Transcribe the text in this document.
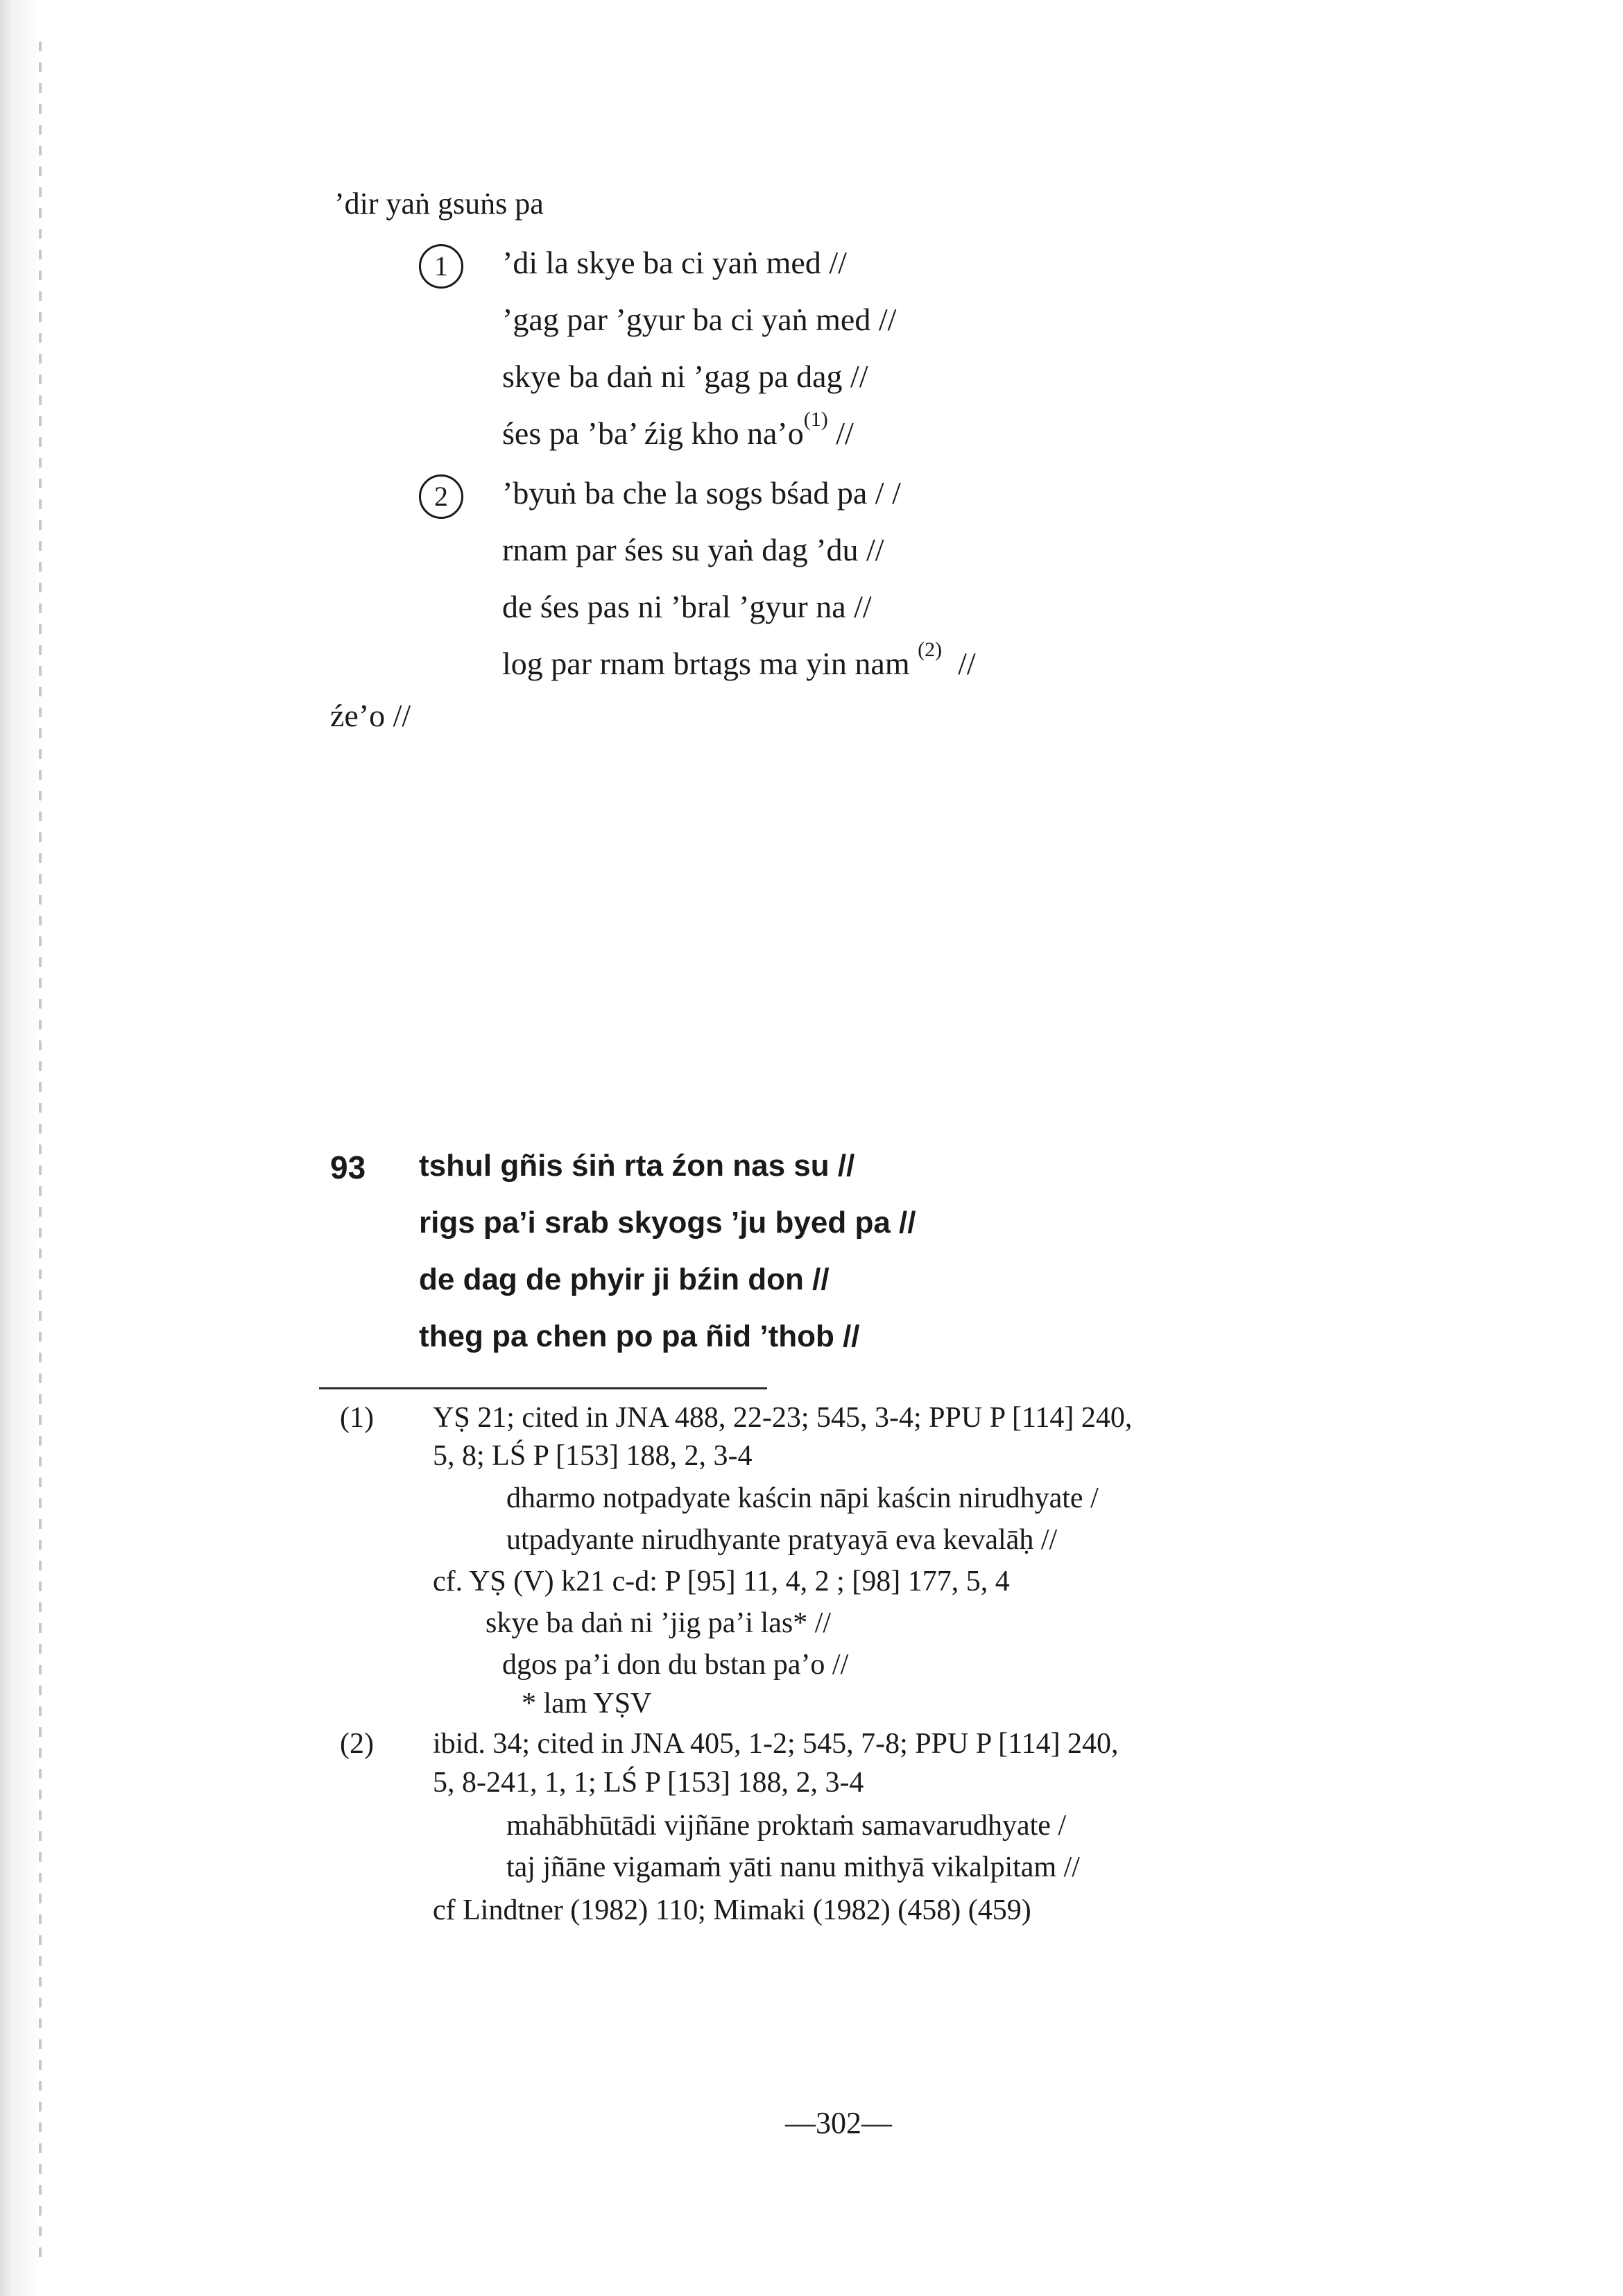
’dir yaṅ gsuṅs pa
1	’di la skye ba ci yaṅ med //
’gag par ’gyur ba ci yaṅ med //
skye ba daṅ ni ’gag pa dag //
śes pa ’ba’ źig kho $na’o^{(1)}$ //
2	’byuṅ ba che la sogs bśad pa / /
rnam par śes su yaṅ dag ’du //
de śes pas ni ’bral ’gyur na //
log par rnam brtags ma yin nam $^{(2)}$ //
źe’o //
93 tshul gñis śiṅ rta źon nas su //
rigs pa’i srab skyogs ’ju byed pa //
de dag de phyir ji bźin don //
theg pa chen po pa ñid ’thob //
(1) YṢ 21; cited in JNA 488, 22-23; 545, 3-4; PPU P [114] 240,
5, 8; LŚ P [153] 188, 2, 3-4
dharmo notpadyate kaścin nāpi kaścin nirudhyate /
utpadyante nirudhyante pratyayā eva kevalāḥ //
cf. YṢ (V) k21 c-d: P [95] 11, 4, 2 ; [98] 177, 5, 4
skye ba daṅ ni ’jig pa’i las* //
dgos pa’i don du bstan pa’o //
* lam YṢV
(2) ibid. 34; cited in JNA 405, 1-2; 545, 7-8; PPU P [114] 240,
5, 8-241, 1, 1; LŚ P [153] 188, 2, 3-4
mahābhūtādi vijñāne proktaṁ samavarudhyate /
taj jñāne vigamaṁ yāti nanu mithyā vikalpitam //
cf Lindtner (1982) 110; Mimaki (1982) (458) (459)
—302—
